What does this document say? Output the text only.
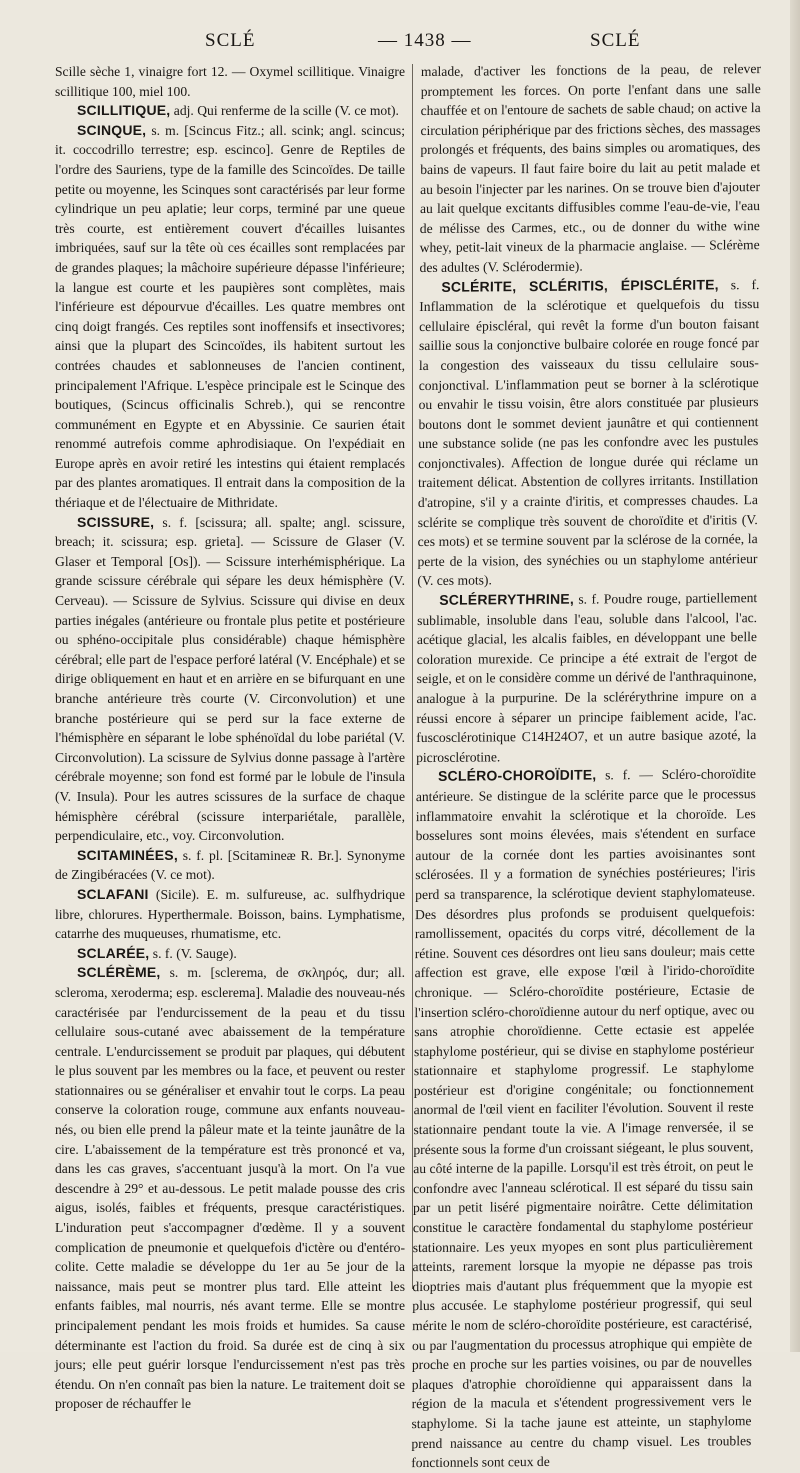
SCLÉ	— 1438 —	SCLÉ

Scille sèche 1, vinaigre fort 12. — Oxymel scillitique. Vinaigre scillitique 100, miel 100.

SCILLITIQUE, adj. Qui renferme de la scille (V. ce mot).

SCINQUE, s. m. [Scincus Fitz.; all. scink; angl. scincus; it. coccodrillo terrestre; esp. escinco]. Genre de Reptiles de l'ordre des Sauriens, type de la famille des Scincoïdes. De taille petite ou moyenne, les Scinques sont caractérisés par leur forme cylindrique un peu aplatie; leur corps, terminé par une queue très courte, est entièrement couvert d'écailles luisantes imbriquées, sauf sur la tête où ces écailles sont remplacées par de grandes plaques; la mâchoire supérieure dépasse l'inférieure; la langue est courte et les paupières sont complètes, mais l'inférieure est dépourvue d'écailles. Les quatre membres ont cinq doigt frangés. Ces reptiles sont inoffensifs et insectivores; ainsi que la plupart des Scincoïdes, ils habitent surtout les contrées chaudes et sablonneuses de l'ancien continent, principalement l'Afrique. L'espèce principale est le Scinque des boutiques, (Scincus officinalis Schreb.), qui se rencontre communément en Egypte et en Abyssinie. Ce saurien était renommé autrefois comme aphrodisiaque. On l'expédiait en Europe après en avoir retiré les intestins qui étaient remplacés par des plantes aromatiques. Il entrait dans la composition de la thériaque et de l'électuaire de Mithridate.

SCISSURE, s. f. [scissura; all. spalte; angl. scissure, breach; it. scissura; esp. grieta]. — Scissure de Glaser (V. Glaser et Temporal [Os]). — Scissure interhémisphérique. La grande scissure cérébrale qui sépare les deux hémisphère (V. Cerveau). — Scissure de Sylvius. Scissure qui divise en deux parties inégales (antérieure ou frontale plus petite et postérieure ou sphéno-occipitale plus considérable) chaque hémisphère cérébral; elle part de l'espace perforé latéral (V. Encéphale) et se dirige obliquement en haut et en arrière en se bifurquant en une branche antérieure très courte (V. Circonvolution) et une branche postérieure qui se perd sur la face externe de l'hémisphère en séparant le lobe sphénoïdal du lobe pariétal (V. Circonvolution). La scissure de Sylvius donne passage à l'artère cérébrale moyenne; son fond est formé par le lobule de l'insula (V. Insula). Pour les autres scissures de la surface de chaque hémisphère cérébral (scissure interpariétale, parallèle, perpendiculaire, etc., voy. Circonvolution.

SCITAMINÉES, s. f. pl. [Scitamineæ R. Br.]. Synonyme de Zingibéracées (V. ce mot).

SCLAFANI (Sicile). E. m. sulfureuse, ac. sulfhydrique libre, chlorures. Hyperthermale. Boisson, bains. Lymphatisme, catarrhe des muqueuses, rhumatisme, etc.

SCLARÉE, s. f. (V. Sauge).

SCLÉRÈME, s. m. [sclerema, de σκληρός, dur; all. scleroma, xeroderma; esp. esclerema]. Maladie des nouveau-nés caractérisée par l'endurcissement de la peau et du tissu cellulaire sous-cutané avec abaissement de la température centrale. L'endurcissement se produit par plaques, qui débutent le plus souvent par les membres ou la face, et peuvent ou rester stationnaires ou se généraliser et envahir tout le corps. La peau conserve la coloration rouge, commune aux enfants nouveau-nés, ou bien elle prend la pâleur mate et la teinte jaunâtre de la cire. L'abaissement de la température est très prononcé et va, dans les cas graves, s'accentuant jusqu'à la mort. On l'a vue descendre à 29° et au-dessous. Le petit malade pousse des cris aigus, isolés, faibles et fréquents, presque caractéristiques. L'induration peut s'accompagner d'œdème. Il y a souvent complication de pneumonie et quelquefois d'ictère ou d'entéro-colite. Cette maladie se développe du 1er au 5e jour de la naissance, mais peut se montrer plus tard. Elle atteint les enfants faibles, mal nourris, nés avant terme. Elle se montre principalement pendant les mois froids et humides. Sa cause déterminante est l'action du froid. Sa durée est de cinq à six jours; elle peut guérir lorsque l'endurcissement n'est pas très étendu. On n'en connaît pas bien la nature. Le traitement doit se proposer de réchauffer le

malade, d'activer les fonctions de la peau, de relever promptement les forces. On porte l'enfant dans une salle chauffée et on l'entoure de sachets de sable chaud; on active la circulation périphérique par des frictions sèches, des massages prolongés et fréquents, des bains simples ou aromatiques, des bains de vapeurs. Il faut faire boire du lait au petit malade et au besoin l'injecter par les narines. On se trouve bien d'ajouter au lait quelque excitants diffusibles comme l'eau-de-vie, l'eau de mélisse des Carmes, etc., ou de donner du withe wine whey, petit-lait vineux de la pharmacie anglaise. — Sclérème des adultes (V. Sclérodermie).

SCLÉRITE, SCLÉRITIS, ÉPISCLÉRITE, s. f. Inflammation de la sclérotique et quelquefois du tissu cellulaire épiscléral, qui revêt la forme d'un bouton faisant saillie sous la conjonctive bulbaire colorée en rouge foncé par la congestion des vaisseaux du tissu cellulaire sous-conjonctival. L'inflammation peut se borner à la sclérotique ou envahir le tissu voisin, être alors constituée par plusieurs boutons dont le sommet devient jaunâtre et qui contiennent une substance solide (ne pas les confondre avec les pustules conjonctivales). Affection de longue durée qui réclame un traitement délicat. Abstention de collyres irritants. Instillation d'atropine, s'il y a crainte d'iritis, et compresses chaudes. La sclérite se complique très souvent de choroïdite et d'iritis (V. ces mots) et se termine souvent par la sclérose de la cornée, la perte de la vision, des synéchies ou un staphylome antérieur (V. ces mots).

SCLÉRERYTHRINE, s. f. Poudre rouge, partiellement sublimable, insoluble dans l'eau, soluble dans l'alcool, l'ac. acétique glacial, les alcalis faibles, en développant une belle coloration murexide. Ce principe a été extrait de l'ergot de seigle, et on le considère comme un dérivé de l'anthraquinone, analogue à la purpurine. De la sclérérythrine impure on a réussi encore à séparer un principe faiblement acide, l'ac. fuscosclérotinique C14H24O7, et un autre basique azoté, la picrosclérotine.

SCLÉRO-CHOROÏDITE, s. f. — Scléro-choroïdite antérieure. Se distingue de la sclérite parce que le processus inflammatoire envahit la sclérotique et la choroïde. Les bosselures sont moins élevées, mais s'étendent en surface autour de la cornée dont les parties avoisinantes sont sclérosées. Il y a formation de synéchies postérieures; l'iris perd sa transparence, la sclérotique devient staphylomateuse. Des désordres plus profonds se produisent quelquefois: ramollissement, opacités du corps vitré, décollement de la rétine. Souvent ces désordres ont lieu sans douleur; mais cette affection est grave, elle expose l'œil à l'irido-choroïdite chronique. — Scléro-choroïdite postérieure, Ectasie de l'insertion scléro-choroïdienne autour du nerf optique, avec ou sans atrophie choroïdienne. Cette ectasie est appelée staphylome postérieur, qui se divise en staphylome postérieur stationnaire et staphylome progressif. Le staphylome postérieur est d'origine congénitale; ou fonctionnement anormal de l'œil vient en faciliter l'évolution. Souvent il reste stationnaire pendant toute la vie. A l'image renversée, il se présente sous la forme d'un croissant siégeant, le plus souvent, au côté interne de la papille. Lorsqu'il est très étroit, on peut le confondre avec l'anneau sclérotical. Il est séparé du tissu sain par un petit liséré pigmentaire noirâtre. Cette délimitation constitue le caractère fondamental du staphylome postérieur stationnaire. Les yeux myopes en sont plus particulièrement atteints, rarement lorsque la myopie ne dépasse pas trois dioptries mais d'autant plus fréquemment que la myopie est plus accusée. Le staphylome postérieur progressif, qui seul mérite le nom de scléro-choroïdite postérieure, est caractérisé, ou par l'augmentation du processus atrophique qui empiète de proche en proche sur les parties voisines, ou par de nouvelles plaques d'atrophie choroïdienne qui apparaissent dans la région de la macula et s'étendent progressivement vers le staphylome. Si la tache jaune est atteinte, un staphylome prend naissance au centre du champ visuel. Les troubles fonctionnels sont ceux de
